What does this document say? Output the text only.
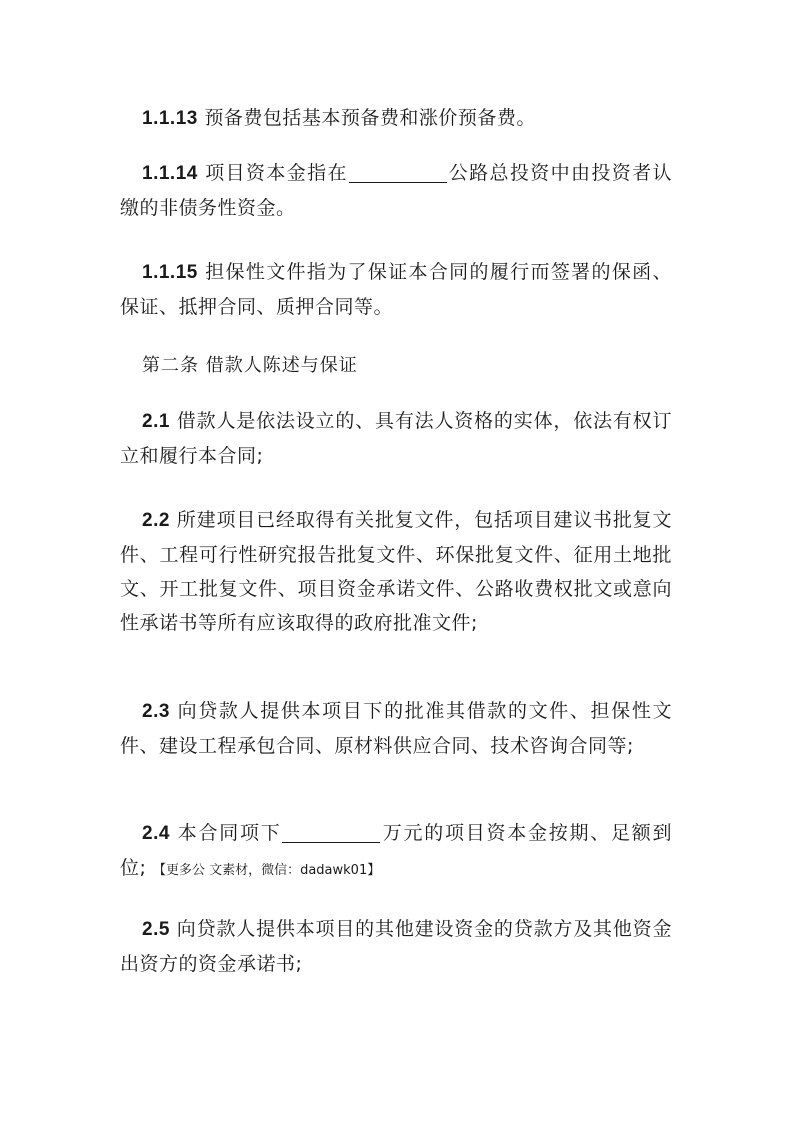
1.1.13 预备费包括基本预备费和涨价预备费。

1.1.14 项目资本金指在	公路总投资中由投资者认缴的非债务性资金。

1.1.15 担保性文件指为了保证本合同的履行而签署的保函、保证、抵押合同、质押合同等。

第二条 借款人陈述与保证

2.1 借款人是依法设立的、具有法人资格的实体，依法有权订立和履行本合同;

2.2 所建项目已经取得有关批复文件，包括项目建议书批复文件、工程可行性研究报告批复文件、环保批复文件、征用土地批文、开工批复文件、项目资金承诺文件、公路收费权批文或意向性承诺书等所有应该取得的政府批准文件;

2.3 向贷款人提供本项目下的批准其借款的文件、担保性文件、建设工程承包合同、原材料供应合同、技术咨询合同等;

2.4 本合同项下	万元的项目资本金按期、足额到位; 【更多公 文素材，微信：dadawk01】

2.5 向贷款人提供本项目的其他建设资金的贷款方及其他资金出资方的资金承诺书;
